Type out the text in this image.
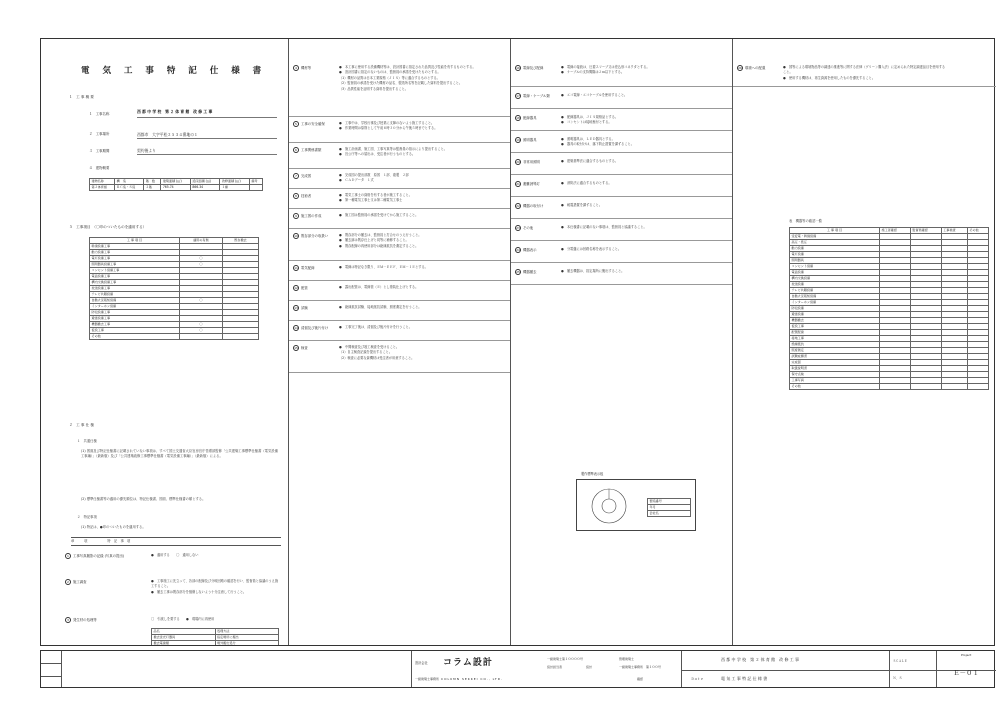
電 気 工 事 特 記 仕 様 書
１　工 事 概 要
１　工事名称	西 都 中 学 校　第 ２ 体 育 館　改 修 工 事
２　工事場所	西都市　大字平松２５３４番地の１
３　工事期間	契約後より
４　建物概要
建物名称	構　造	階　数	建築面積 (㎡)	延床面積 (㎡)	改修面積 (㎡)	備考
第２体育館	ＲＣ造・Ｓ造	２階	765.74	866.34	１棟	
５　工事項目　（〇印のついたものを適用する）
工 事 項 目	適用の有無	既存撤去
幹線設備工事		
動力設備工事		
電灯設備工事	〇	
照明器具設備工事	〇	
コンセント設備工事		
電話設備工事		
構内交換設備工事		
放送設備工事		
テレビ共聴設備		
自動火災報知設備	〇	
インターホン設備		
防犯設備工事		
避雷設備工事		
機器撤去工事	〇	
仮設工事	〇	
その他		
２　工 事 仕 様
１　共通仕様
(1) 図面及び特記仕様書に記載されていない事項は、すべて国土交通省大臣官房官庁営繕部監修「公共建築工事標準仕様書（電気設備工事編）」（最新版）及び「公共建築改修工事標準仕様書（電気設備工事編）」（最新版）による。
(2) 標準仕様書等の適用の優先順位は、特記仕様書、図面、標準仕様書の順とする。
２　特記事項
(1) 特記は、●印のついたものを適用する。
章　　　項　　　　　　特　記　事　項
1 工事写真撮影の記録 (写真の提出)	●　適用する　　〇　適用しない
2 施工調査	●　工事施工に先立って、各部の配線及び分岐回路の確認を行い、監督員と協議のうえ施工すること。
●　撤去工事は既存部分を損傷しないよう十分注意して行うこと。
3 発生材の処理等	〇　引渡しを要する　　●　現場内に再使用
品名	処理方法
撤去蛍光灯器具	指定場所に搬出
撤去電線類	場外搬出処分
4 機材等	●　本工事に使用する設備機材等は、設計図書に指定された品質及び性能を有するものとする。
●　設計図書に指定のないものは、監督員の承諾を受けたものとする。
（1）機材の品質は日本工業規格（ＪＩＳ）等に適合するものとする。
（2）監督員の承諾を受けた機材の品名、製造所名等を記載した資料を提出すること。
（3）品質性能を証明する資料を提出すること。
5 工事の安全確保	●　工事中は、学校行事及び授業に支障のないよう施工すること。
●　作業時間は原則として午前８時３０分から午後５時までとする。
6 工事関係書類	●　施工計画書、施工図、工事写真等は監督員の指示により提出すること。
●　官公庁等への届出は、受注者が行うものとする。
7 完成図	●　完成図の提出部数　原図　１部、複製　２部
●　ＣＡＤデータ　１式
8 技術者	●　電気工事士の資格を有する者が施工すること。
●　第一種電気工事士又は第二種電気工事士
9 施工図の作成	●　施工図は監督員の承諾を受けてから施工すること。
10 既存部分の取扱い	●　既存部分の撤去は、監督員と打合せのうえ行うこと。
●　撤去跡は既存仕上げと同等に補修すること。
●　既存配線の再使用部分は絶縁抵抗を測定すること。
11 電気配線	●　電線は特記なき限り、ＥＭ－ＥＥＦ、ＥＭ－ＩＥとする。
12 配管	●　露出配管は、電線管（Ｅ）とし塗装仕上げとする。
13 試験	●　絶縁抵抗試験、接地抵抗試験、照度測定を行うこと。
14 清掃及び後片付け	●　工事完了後は、清掃及び後片付けを行うこと。
15 検査	●　中間検査及び竣工検査を受けること。
（1）自主検査記録を提出すること。
（2）検査に必要な資機材は受注者が用意すること。
製作標準表示板
製造番号
年月
会社名
16 電線及び配線	●　電線の接続は、圧着スリーブ又は差込形コネクタとする。
●　ケーブルの支持間隔は２ｍ以下とする。
17 電線・ケーブル類	●　エコ電線・エコケーブルを使用すること。
18 配線器具	●　配線器具は、ＪＩＳ規格品とする。
●　コンセントは接地極付とする。
19 照明器具	●　照明器具は、ＬＥＤ器具とする。
●　器具の取付けは、落下防止措置を講ずること。
20 非常用照明	●　建築基準法に適合するものとする。
21 避難誘導灯	●　消防法に適合するものとする。
22 機器の取付け	●　耐震措置を講ずること。
23 その他	●　本仕様書に記載のない事項は、監督員と協議すること。
24 機器表示	●　分電盤には回路名称を表示すること。
25 機器撤去	●　撤去機器は、指定場所に搬出すること。
表　機器等の確認一覧
工 事 項 目	施工者確認	監督員確認	工事検査	その他
受変電・幹線設備				
高圧・低圧				
動力設備				
電灯設備				
照明器具				
コンセント設備				
電話設備				
構内交換設備				
放送設備				
テレビ共聴設備				
自動火災報知設備				
インターホン設備				
防犯設備				
避雷設備				
機器撤去				
仮設工事				
配管配線				
接地工事				
絶縁抵抗				
照度測定				
試験成績書				
完成図				
取扱説明書				
保守点検				
工事写真				
その他				
26 環境への配慮	●　国等による環境物品等の調達の推進等に関する法律（グリーン購入法）に定められた特定調達品目を使用すること。
●　使用する機材は、再生資源を使用したものを優先すること。
設計会社 コラム設計
COLUMN SEKKEI CO., LTD.
一級建築士事務所
一級建築士第１００００号
設計担当者	設計
管理建築士
一級建築士事務所　第１００号
確認	Ｄａｔｅ
西 都 中 学 校　第 ２ 体 育 館　改 修 工 事
電 気 工 事 特 記 仕 様 書
ＳＣＡＬＥ
Ｎ．Ｓ
Project
Ｅ－０１
